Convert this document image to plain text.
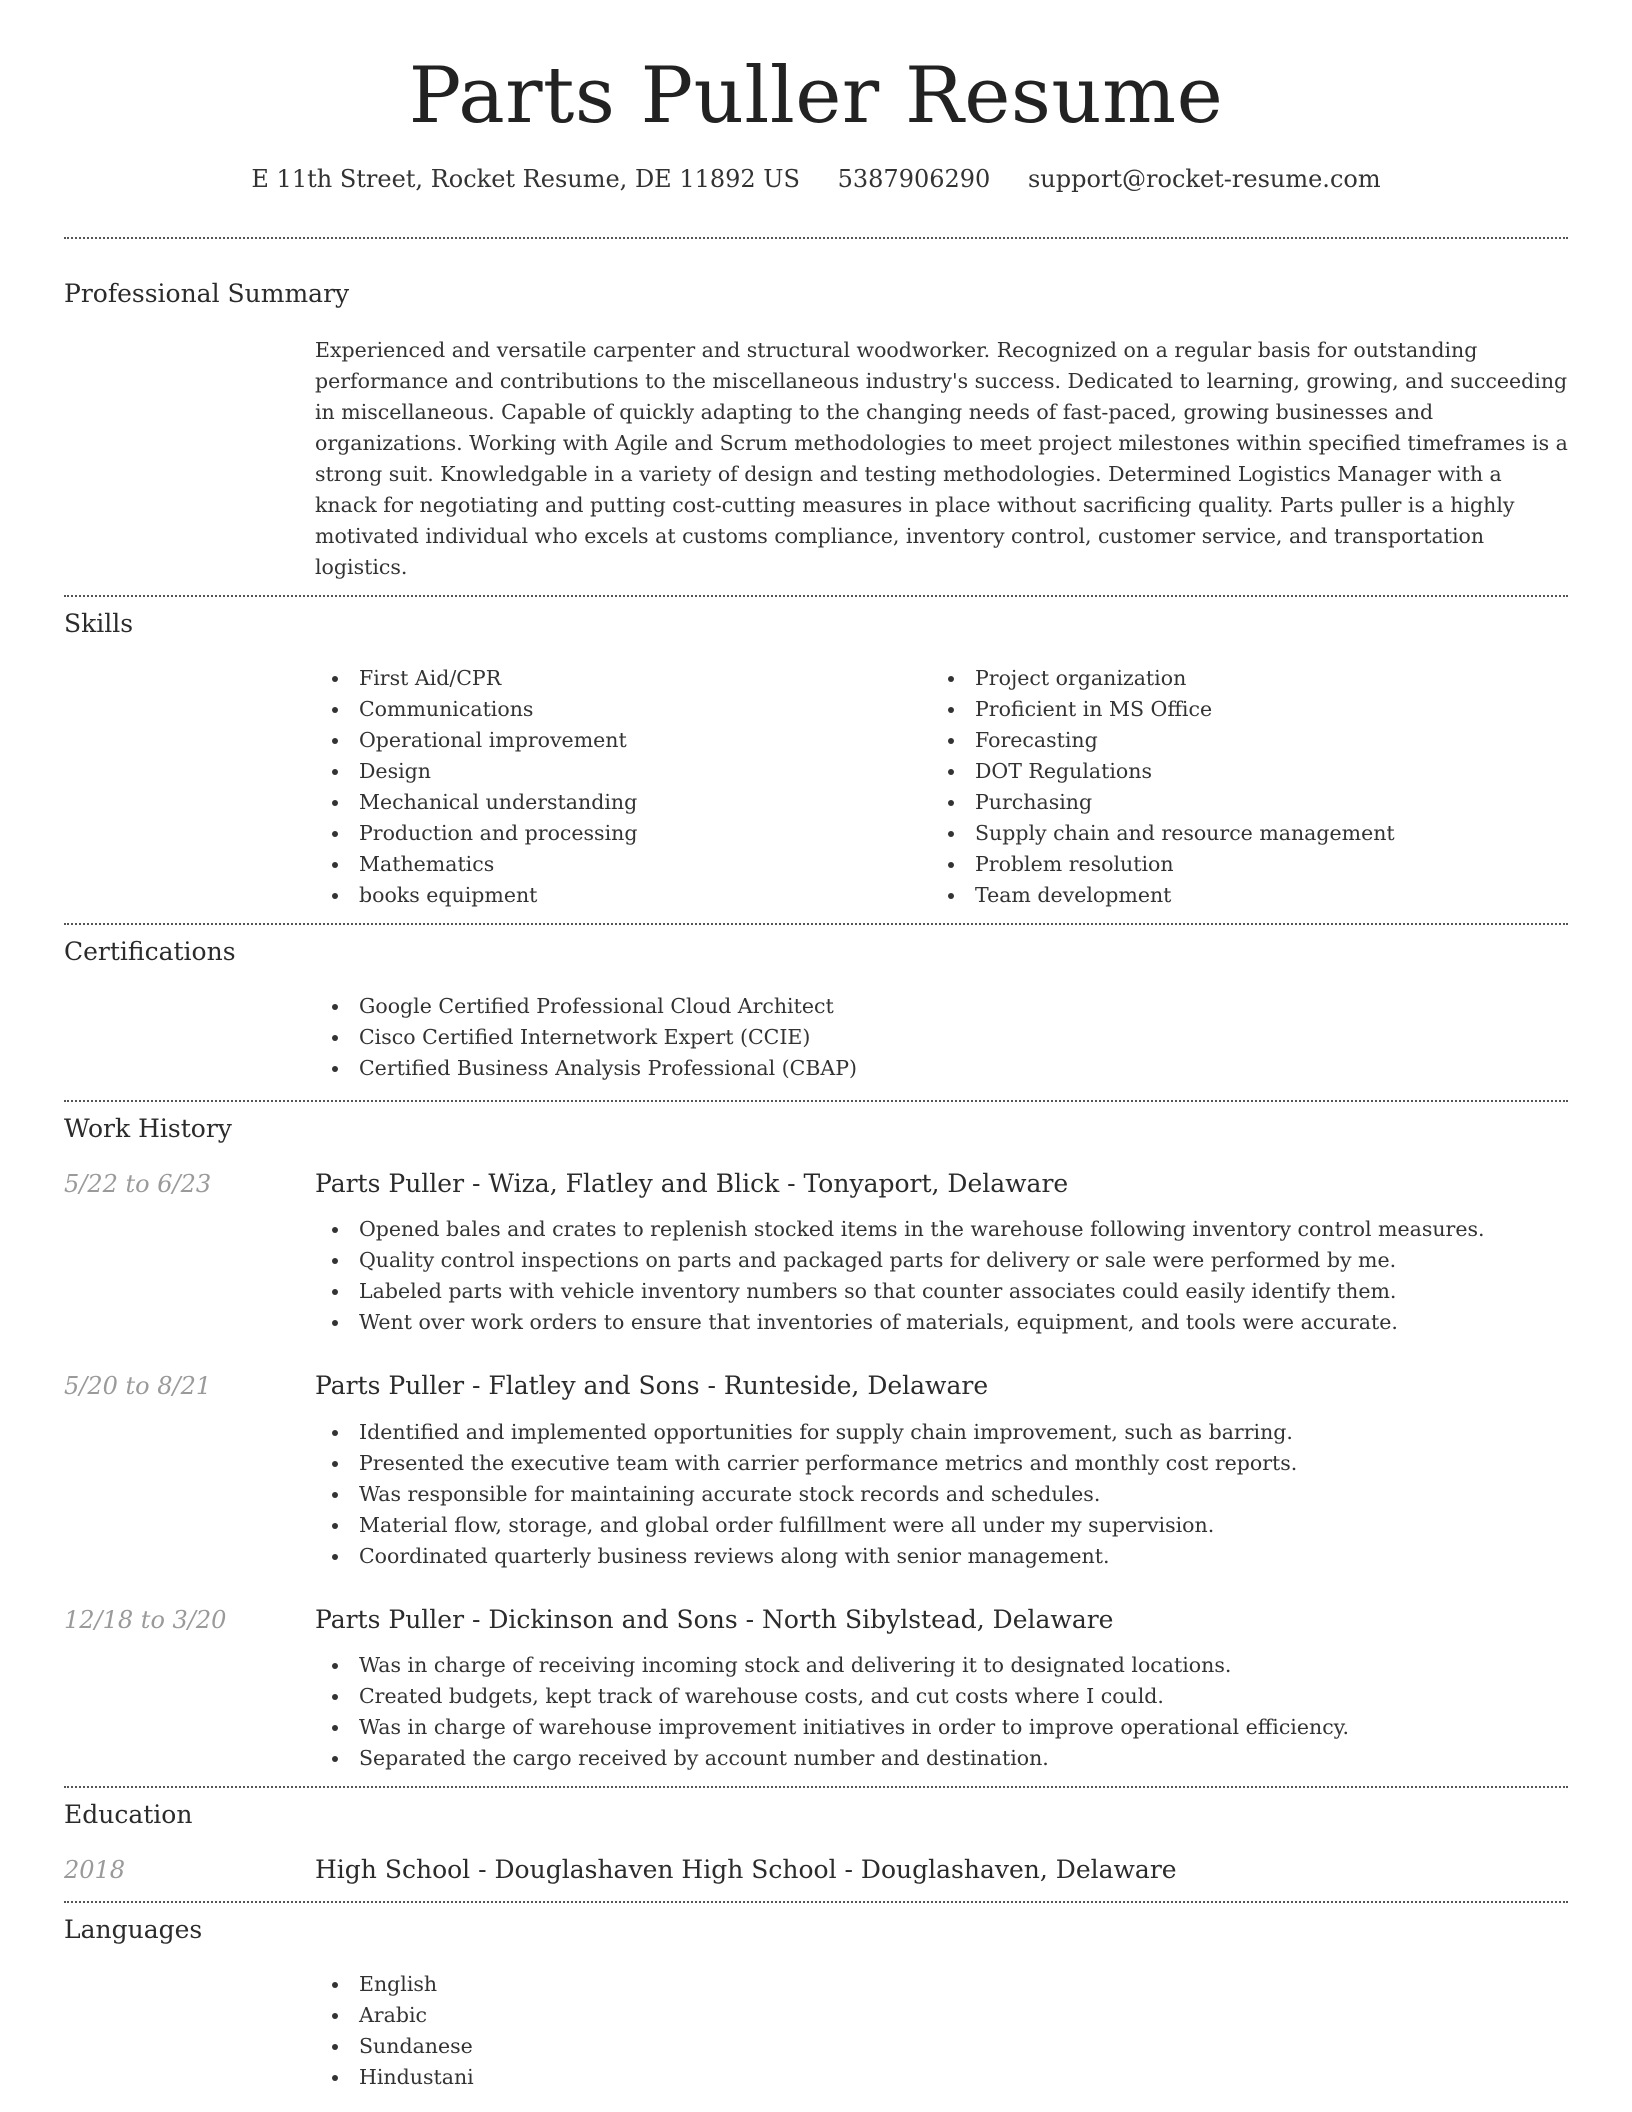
Parts Puller Resume
E 11th Street, Rocket Resume, DE 11892 US 5387906290 support@rocket-resume.com
Professional Summary

Experienced and versatile carpenter and structural woodworker. Recognized on a regular basis for outstanding performance and contributions to the miscellaneous industry's success. Dedicated to learning, growing, and succeeding in miscellaneous. Capable of quickly adapting to the changing needs of fast-paced, growing businesses and organizations. Working with Agile and Scrum methodologies to meet project milestones within specified timeframes is a strong suit. Knowledgable in a variety of design and testing methodologies. Determined Logistics Manager with a knack for negotiating and putting cost-cutting measures in place without sacrificing quality. Parts puller is a highly motivated individual who excels at customs compliance, inventory control, customer service, and transportation logistics.

Skills
First Aid/CPR
Communications
Operational improvement
Design
Mechanical understanding
Production and processing
Mathematics
books equipment
Project organization
Proficient in MS Office
Forecasting
DOT Regulations
Purchasing
Supply chain and resource management
Problem resolution
Team development
Certifications
Google Certified Professional Cloud Architect
Cisco Certified Internetwork Expert (CCIE)
Certified Business Analysis Professional (CBAP)
Work History
5/22 to 6/23	Parts Puller - Wiza, Flatley and Blick - Tonyaport, Delaware
Opened bales and crates to replenish stocked items in the warehouse following inventory control measures.
Quality control inspections on parts and packaged parts for delivery or sale were performed by me.
Labeled parts with vehicle inventory numbers so that counter associates could easily identify them.
Went over work orders to ensure that inventories of materials, equipment, and tools were accurate.
5/20 to 8/21	Parts Puller - Flatley and Sons - Runteside, Delaware
Identified and implemented opportunities for supply chain improvement, such as barring.
Presented the executive team with carrier performance metrics and monthly cost reports.
Was responsible for maintaining accurate stock records and schedules.
Material flow, storage, and global order fulfillment were all under my supervision.
Coordinated quarterly business reviews along with senior management.
12/18 to 3/20	Parts Puller - Dickinson and Sons - North Sibylstead, Delaware
Was in charge of receiving incoming stock and delivering it to designated locations.
Created budgets, kept track of warehouse costs, and cut costs where I could.
Was in charge of warehouse improvement initiatives in order to improve operational efficiency.
Separated the cargo received by account number and destination.
Education
2018	High School - Douglashaven High School - Douglashaven, Delaware
Languages
English
Arabic
Sundanese
Hindustani
